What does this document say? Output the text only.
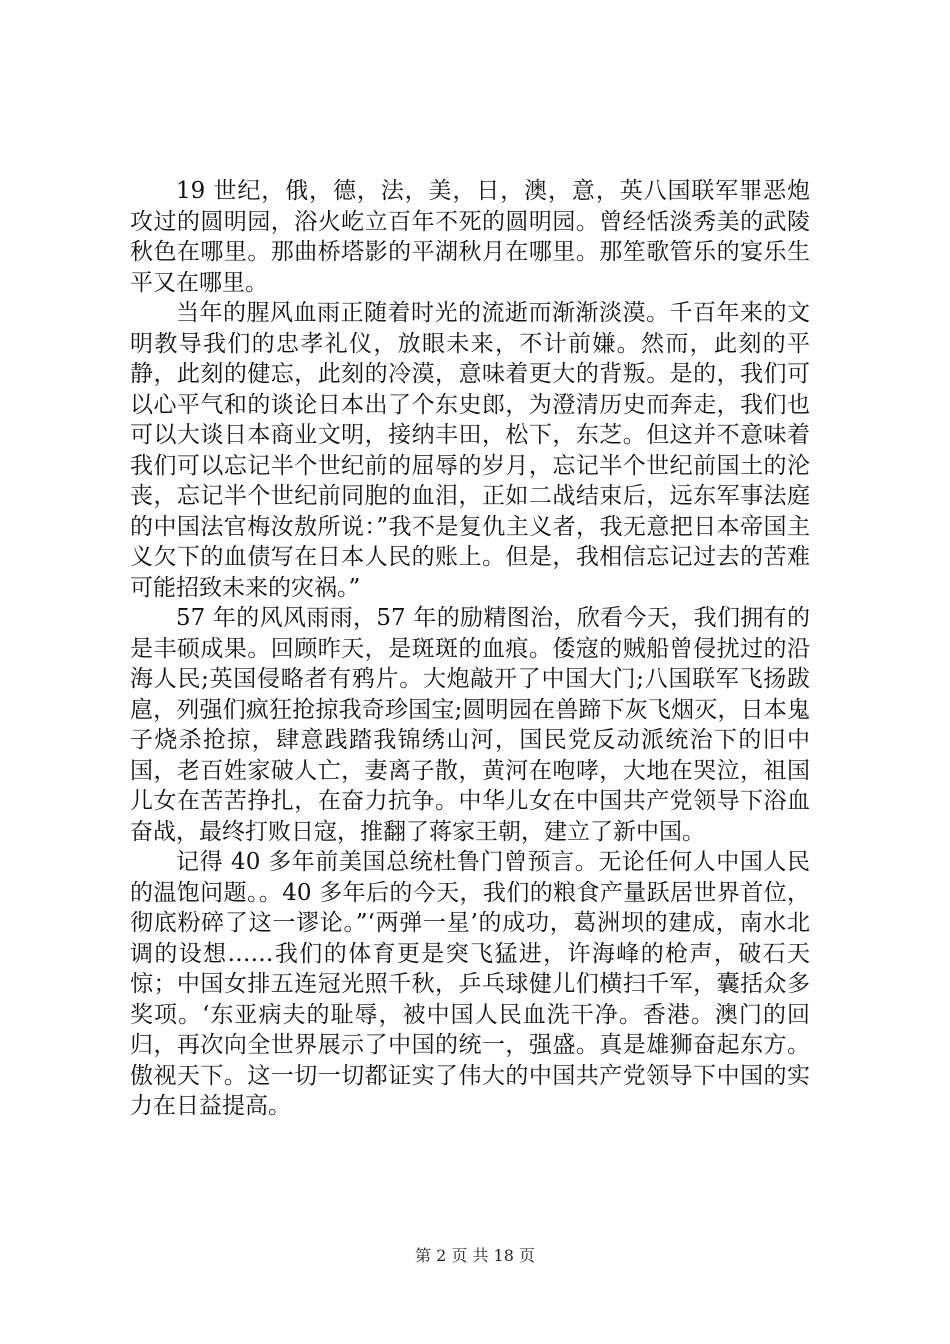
19 世纪，俄，德，法，美，日，澳，意，英八国联军罪恶炮攻过的圆明园，浴火屹立百年不死的圆明园。曾经恬淡秀美的武陵秋色在哪里。那曲桥塔影的平湖秋月在哪里。那笙歌管乐的宴乐生平又在哪里。

当年的腥风血雨正随着时光的流逝而渐渐淡漠。千百年来的文明教导我们的忠孝礼仪，放眼未来，不计前嫌。然而，此刻的平静，此刻的健忘，此刻的冷漠，意味着更大的背叛。是的，我们可以心平气和的谈论日本出了个东史郎，为澄清历史而奔走，我们也可以大谈日本商业文明，接纳丰田，松下，东芝。但这并不意味着我们可以忘记半个世纪前的屈辱的岁月，忘记半个世纪前国土的沦丧，忘记半个世纪前同胞的血泪，正如二战结束后，远东军事法庭的中国法官梅汝敖所说：”我不是复仇主义者，我无意把日本帝国主义欠下的血债写在日本人民的账上。但是，我相信忘记过去的苦难可能招致未来的灾祸。”

57 年的风风雨雨，57 年的励精图治，欣看今天，我们拥有的是丰硕成果。回顾昨天，是斑斑的血痕。倭寇的贼船曾侵扰过的沿海人民;英国侵略者有鸦片。大炮敲开了中国大门;八国联军飞扬跋扈，列强们疯狂抢掠我奇珍国宝;圆明园在兽蹄下灰飞烟灭，日本鬼子烧杀抢掠，肆意践踏我锦绣山河，国民党反动派统治下的旧中国，老百姓家破人亡，妻离子散，黄河在咆哮，大地在哭泣，祖国儿女在苦苦挣扎，在奋力抗争。中华儿女在中国共产党领导下浴血奋战，最终打败日寇，推翻了蒋家王朝，建立了新中国。

记得 40 多年前美国总统杜鲁门曾预言。无论任何人中国人民的温饱问题。。40 多年后的今天，我们的粮食产量跃居世界首位，彻底粉碎了这一谬论。”‘两弹一星’的成功，葛洲坝的建成，南水北调的设想……我们的体育更是突飞猛进，许海峰的枪声，破石天惊；中国女排五连冠光照千秋，乒乓球健儿们横扫千军，囊括众多奖项。‘东亚病夫的耻辱，被中国人民血洗干净。香港。澳门的回归，再次向全世界展示了中国的统一，强盛。真是雄狮奋起东方。傲视天下。这一切一切都证实了伟大的中国共产党领导下中国的实力在日益提高。

第 2 页 共 18 页
